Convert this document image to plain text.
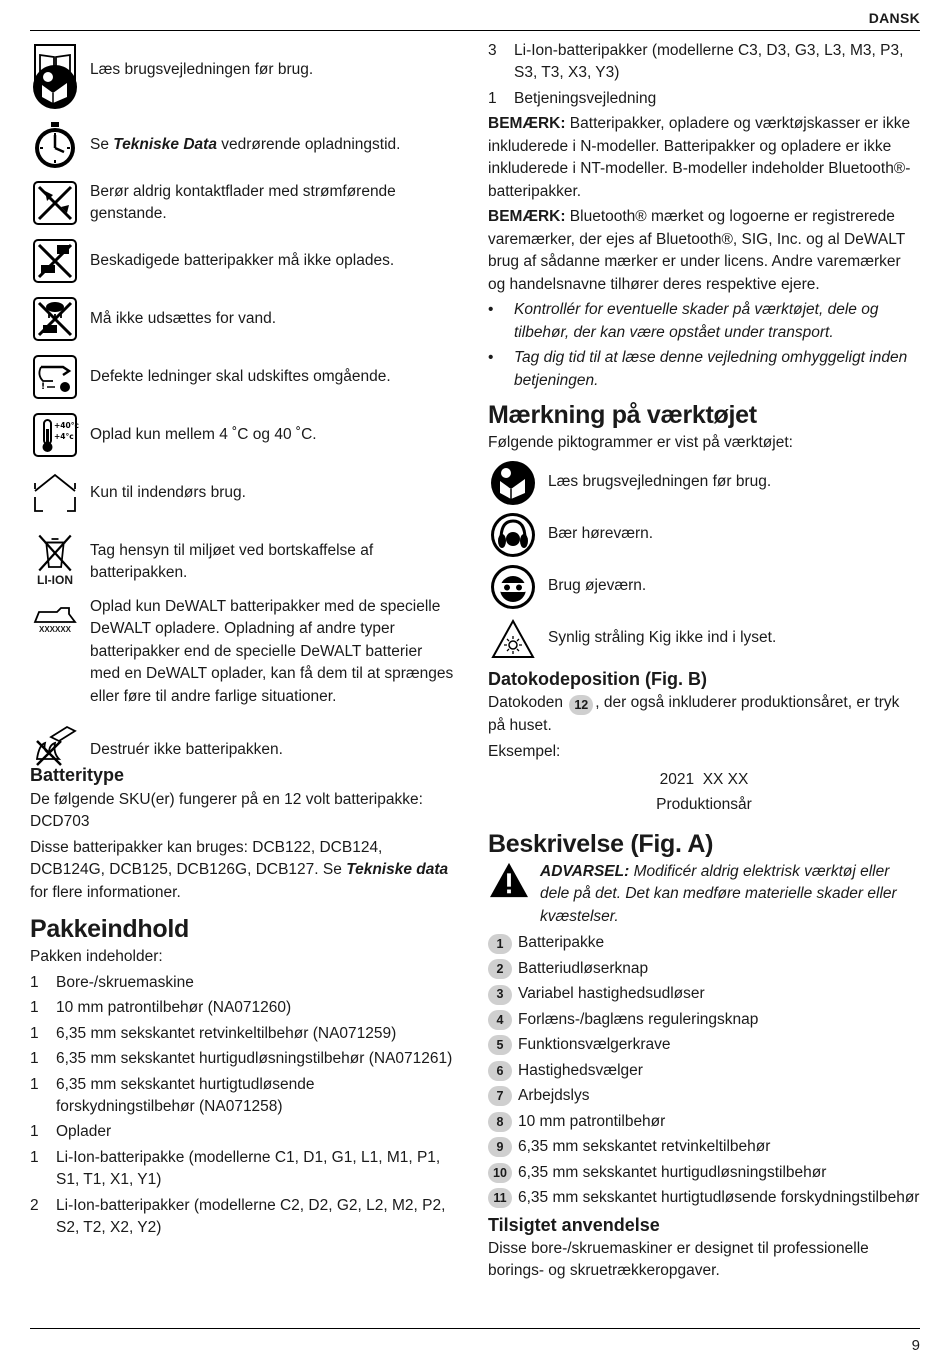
DANSK
Læs brugsvejledningen før brug.
Se Tekniske Data vedrørende opladningstid.
Berør aldrig kontaktflader med strømførende genstande.
Beskadigede batteripakker må ikke oplades.
Må ikke udsættes for vand.
!
Defekte ledninger skal udskiftes omgående.
+40°c
+4°c Oplad kun mellem 4 ˚C og 40 ˚C.
Kun til indendørs brug.
LI-ION
Tag hensyn til miljøet ved bortskaffelse af batteripakken.
XXXXXX
Oplad kun DeWALT batteripakker med de specielle DeWALT opladere. Opladning af andre typer batteripakker end de specielle DeWALT batterier med en DeWALT oplader, kan få dem til at sprænges eller føre til andre farlige situationer.
Destruér ikke batteripakken.
Batteritype

De følgende SKU(er) fungerer på en 12 volt batteripakke: DCD703

Disse batteripakker kan bruges: DCB122, DCB124, DCB124G, DCB125, DCB126G, DCB127. Se Tekniske data for flere informationer.

Pakkeindhold

Pakken indeholder:

1	Bore-/skruemaskine
1	10 mm patrontilbehør (NA071260)
1	6,35 mm sekskantet retvinkeltilbehør (NA071259)
1	6,35 mm sekskantet hurtigudløsningstilbehør (NA071261)
1	6,35 mm sekskantet hurtigtudløsende forskydningstilbehør (NA071258)
1	Oplader
1	Li-Ion-batteripakke (modellerne C1, D1, G1, L1, M1, P1, S1, T1, X1, Y1)
2	Li-Ion-batteripakker (modellerne C2, D2, G2, L2, M2, P2, S2, T2, X2, Y2)
3	Li-Ion-batteripakker (modellerne C3, D3, G3, L3, M3, P3, S3, T3, X3, Y3)
1	Betjeningsvejledning

BEMÆRK: Batteripakker, opladere og værktøjskasser er ikke inkluderede i N-modeller. Batteripakker og opladere er ikke inkluderede i NT-modeller. B-modeller indeholder Bluetooth®-batteripakker.

BEMÆRK: Bluetooth® mærket og logoerne er registrerede varemærker, der ejes af Bluetooth®, SIG, Inc. og al DeWALT brug af sådanne mærker er under licens. Andre varemærker og handelsnavne tilhører deres respektive ejere.

•	Kontrollér for eventuelle skader på værktøjet, dele og tilbehør, der kan være opstået under transport.
•	Tag dig tid til at læse denne vejledning omhyggeligt inden betjeningen.
Mærkning på værktøjet

Følgende piktogrammer er vist på værktøjet:

Læs brugsvejledningen før brug.
Bær høreværn.
Brug øjeværn.
Synlig stråling Kig ikke ind i lyset.
Datokodeposition (Fig. B)

Datokoden 12 , der også inkluderer produktionsåret, er tryk på huset.

Eksempel:

2021  XX XX

Produktionsår

Beskrivelse (Fig. A)
ADVARSEL: Modificér aldrig elektrisk værktøj eller dele på det. Det kan medføre materielle skader eller kvæstelser.
1 Batteripakke
2 Batteriudløserknap
3 Variabel hastighedsudløser
4 Forlæns-/baglæns reguleringsknap
5 Funktionsvælgerkrave
6 Hastighedsvælger
7 Arbejdslys
8 10 mm patrontilbehør
9 6,35 mm sekskantet retvinkeltilbehør
10 6,35 mm sekskantet hurtigudløsningstilbehør
11 6,35 mm sekskantet hurtigtudløsende forskydningstilbehør
Tilsigtet anvendelse

Disse bore-/skruemaskiner er designet til professionelle borings- og skruetrækkeropgaver.

9
